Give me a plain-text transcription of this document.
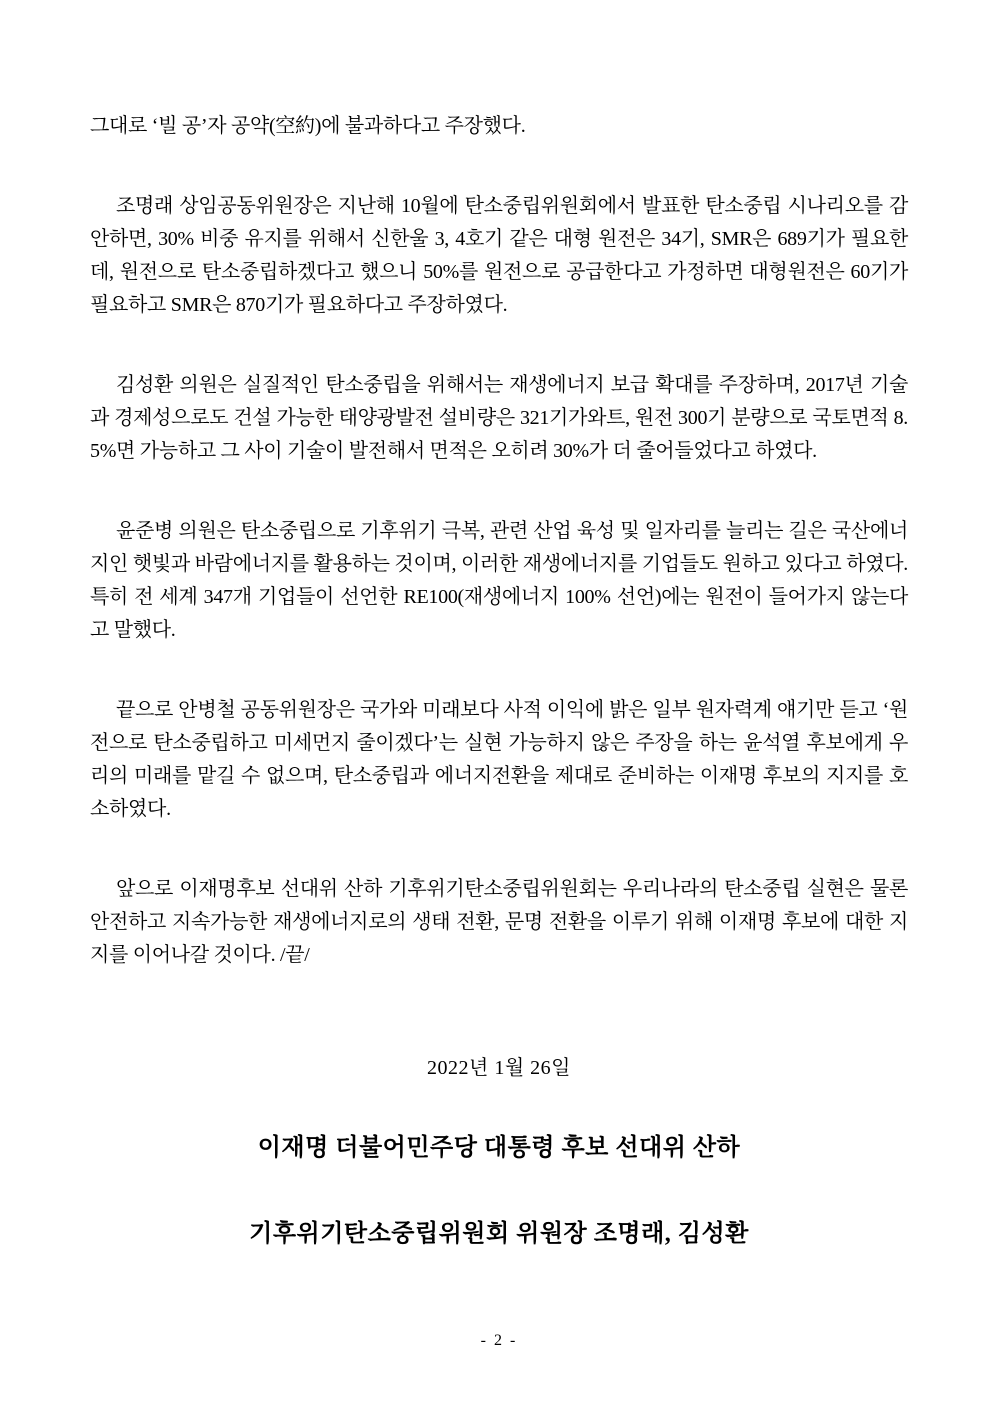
그대로 ‘빌 공’자 공약(空約)에 불과하다고 주장했다.

조명래 상임공동위원장은 지난해 10월에 탄소중립위원회에서 발표한 탄소중립 시나리오를 감안하면, 30% 비중 유지를 위해서 신한울 3, 4호기 같은 대형 원전은 34기, SMR은 689기가 필요한데, 원전으로 탄소중립하겠다고 했으니 50%를 원전으로 공급한다고 가정하면 대형원전은 60기가 필요하고 SMR은 870기가 필요하다고 주장하였다.

김성환 의원은 실질적인 탄소중립을 위해서는 재생에너지 보급 확대를 주장하며, 2017년 기술과 경제성으로도 건설 가능한 태양광발전 설비량은 321기가와트, 원전 300기 분량으로 국토면적 8.5%면 가능하고 그 사이 기술이 발전해서 면적은 오히려 30%가 더 줄어들었다고 하였다.

윤준병 의원은 탄소중립으로 기후위기 극복, 관련 산업 육성 및 일자리를 늘리는 길은 국산에너지인 햇빛과 바람에너지를 활용하는 것이며, 이러한 재생에너지를 기업들도 원하고 있다고 하였다. 특히 전 세계 347개 기업들이 선언한 RE100(재생에너지 100% 선언)에는 원전이 들어가지 않는다고 말했다.

끝으로 안병철 공동위원장은 국가와 미래보다 사적 이익에 밝은 일부 원자력계 얘기만 듣고 ‘원전으로 탄소중립하고 미세먼지 줄이겠다’는 실현 가능하지 않은 주장을 하는 윤석열 후보에게 우리의 미래를 맡길 수 없으며, 탄소중립과 에너지전환을 제대로 준비하는 이재명 후보의 지지를 호소하였다.

앞으로 이재명후보 선대위 산하 기후위기탄소중립위원회는 우리나라의 탄소중립 실현은 물론 안전하고 지속가능한 재생에너지로의 생태 전환, 문명 전환을 이루기 위해 이재명 후보에 대한 지지를 이어나갈 것이다. /끝/

2022년 1월 26일

이재명 더불어민주당 대통령 후보 선대위 산하

기후위기탄소중립위원회 위원장 조명래, 김성환

- 2 -
